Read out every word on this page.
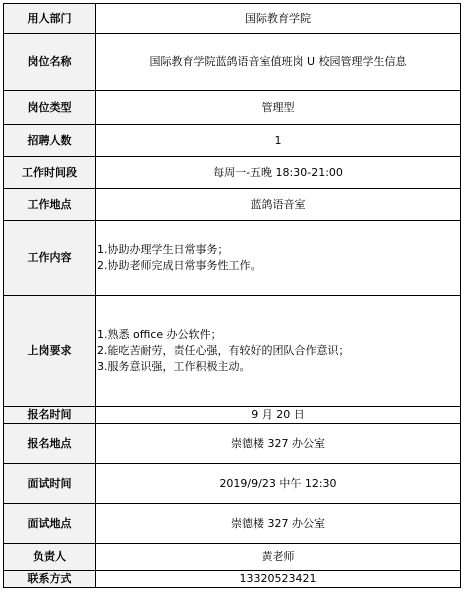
用人部门	国际教育学院
岗位名称	国际教育学院蓝鸽语音室值班岗 U 校园管理学生信息
岗位类型	管理型
招聘人数	1
工作时间段	每周一-五晚 18:30-21:00
工作地点	蓝鸽语音室
工作内容	1.协助办理学生日常事务；
2.协助老师完成日常事务性工作。

上岗要求	1.熟悉 office 办公软件；
2.能吃苦耐劳，责任心强，有较好的团队合作意识；
3.服务意识强，工作积极主动。

报名时间	9 月 20 日
报名地点	崇德楼 327 办公室
面试时间	2019/9/23 中午 12:30
面试地点	崇德楼 327 办公室
负责人	黄老师
联系方式	13320523421
